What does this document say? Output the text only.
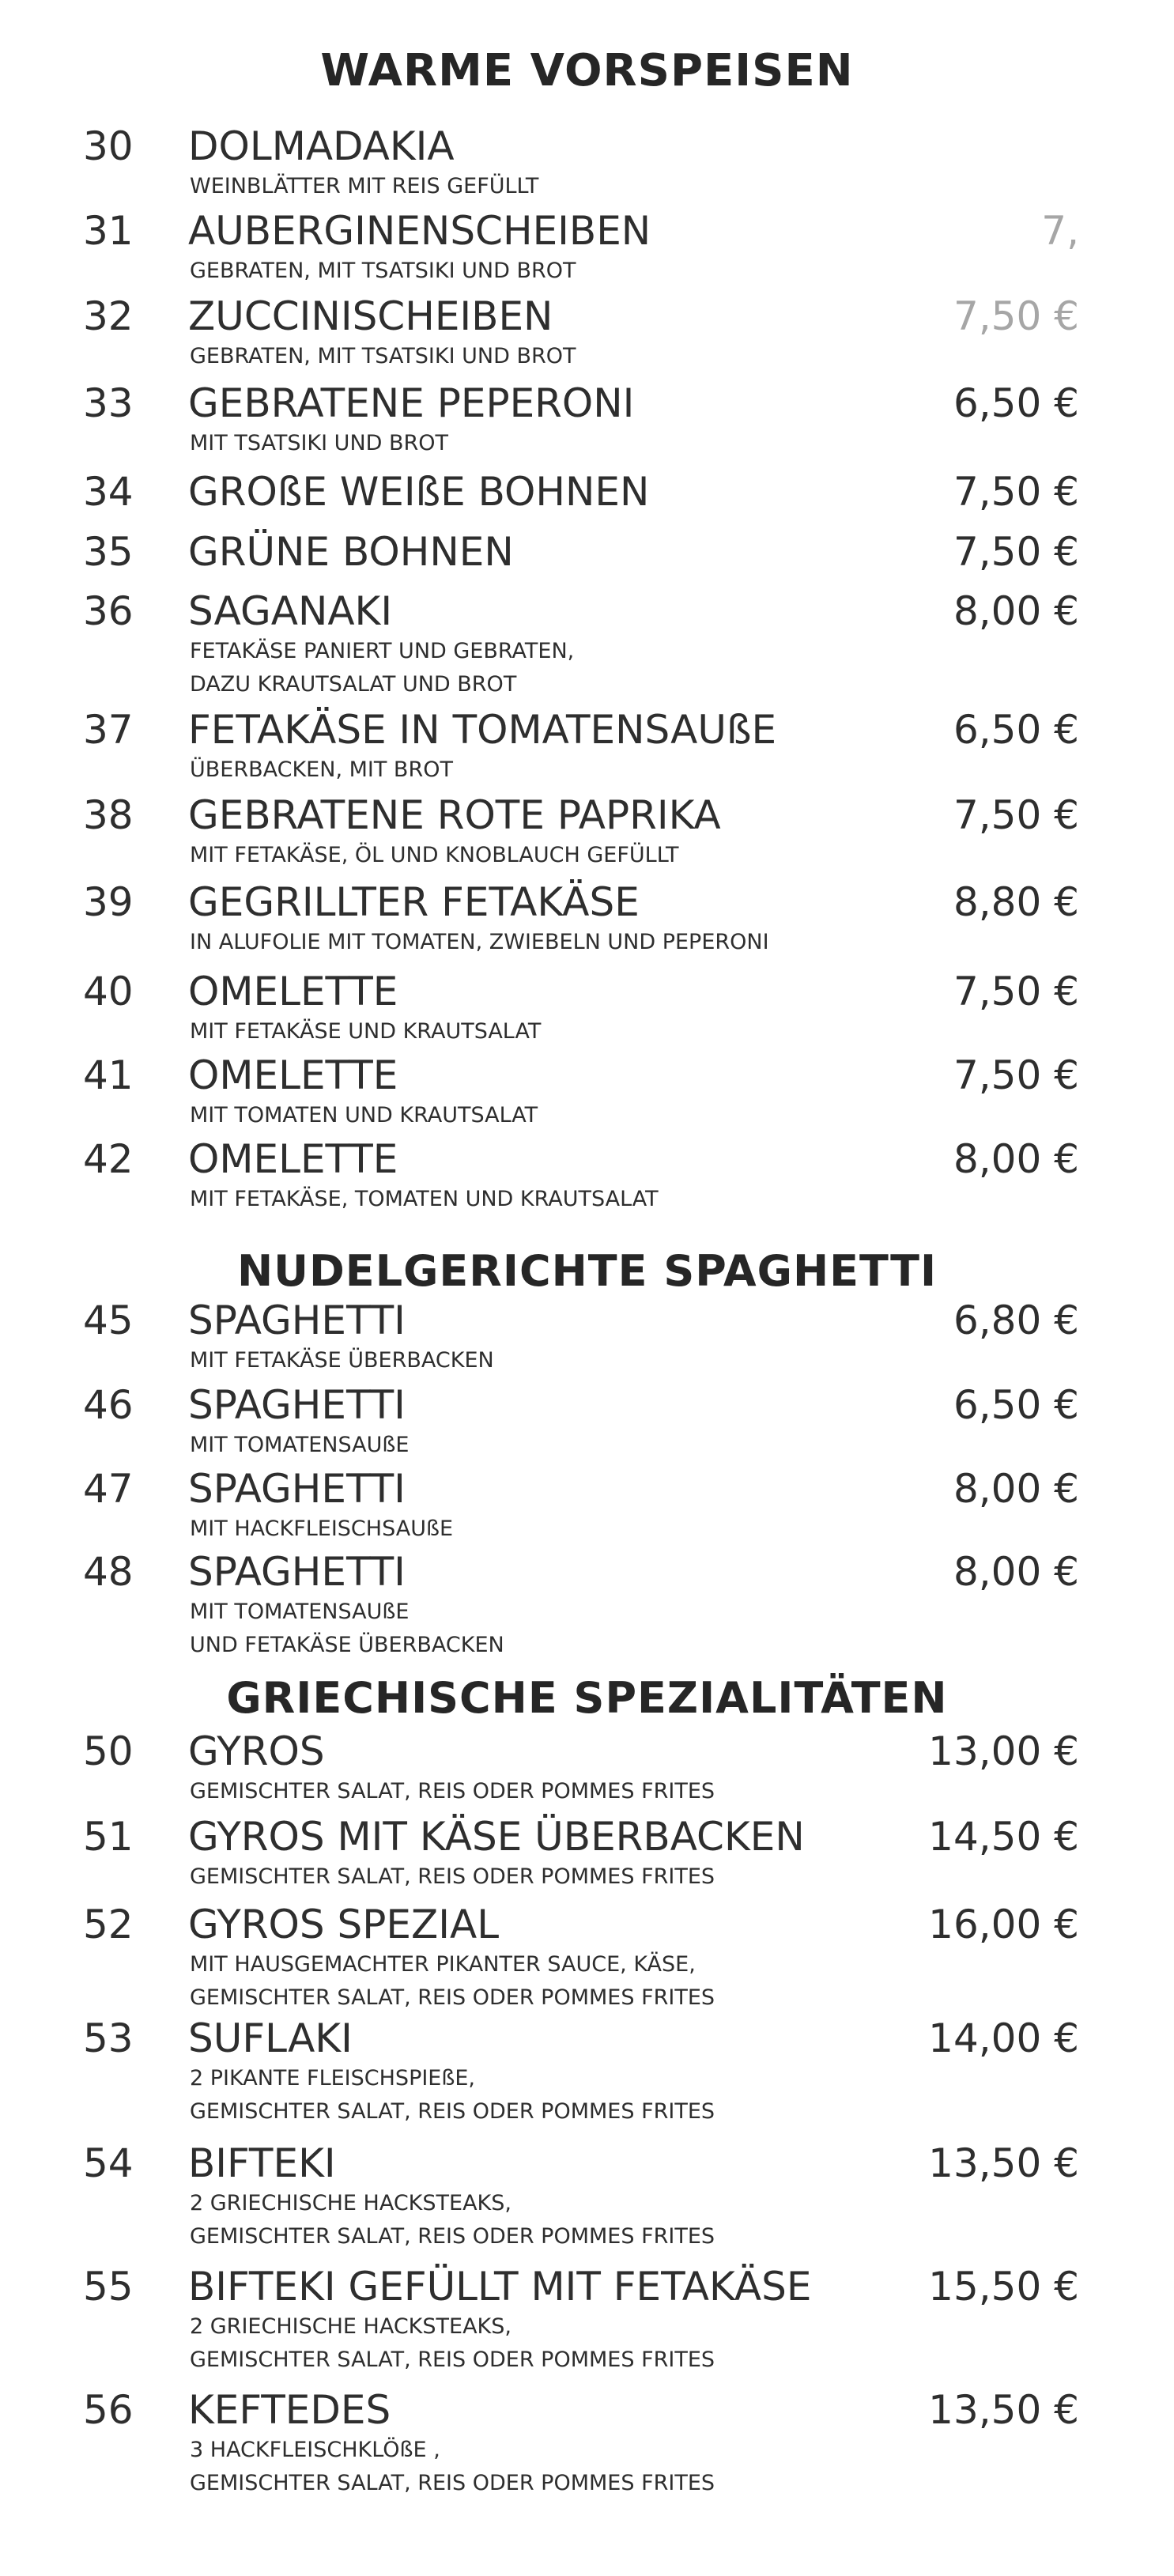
WARME VORSPEISEN
NUDELGERICHTE SPAGHETTI
GRIECHISCHE SPEZIALITÄTEN
30 DOLMADAKIA
WEINBLÄTTER MIT REIS GEFÜLLT
31 AUBERGINENSCHEIBEN
GEBRATEN, MIT TSATSIKI UND BROT
7,
32 ZUCCINISCHEIBEN
GEBRATEN, MIT TSATSIKI UND BROT
7,50 €
33 GEBRATENE PEPERONI
MIT TSATSIKI UND BROT
6,50 €
34 GROßE WEIßE BOHNEN	7,50 €
35 GRÜNE BOHNEN	7,50 €
36 SAGANAKI
FETAKÄSE PANIERT UND GEBRATEN,
DAZU KRAUTSALAT UND BROT
8,00 €
37 FETAKÄSE IN TOMATENSAUßE
ÜBERBACKEN, MIT BROT
6,50 €
38 GEBRATENE ROTE PAPRIKA
MIT FETAKÄSE, ÖL UND KNOBLAUCH GEFÜLLT
7,50 €
39 GEGRILLTER FETAKÄSE
IN ALUFOLIE MIT TOMATEN, ZWIEBELN UND PEPERONI
8,80 €
40 OMELETTE
MIT FETAKÄSE UND KRAUTSALAT
7,50 €
41 OMELETTE
MIT TOMATEN UND KRAUTSALAT
7,50 €
42 OMELETTE
MIT FETAKÄSE, TOMATEN UND KRAUTSALAT
8,00 €
45 SPAGHETTI
MIT FETAKÄSE ÜBERBACKEN
6,80 €
46 SPAGHETTI
MIT TOMATENSAUßE
6,50 €
47 SPAGHETTI
MIT HACKFLEISCHSAUßE
8,00 €
48 SPAGHETTI
MIT TOMATENSAUßE
UND FETAKÄSE ÜBERBACKEN
8,00 €
50 GYROS
GEMISCHTER SALAT, REIS ODER POMMES FRITES
13,00 €
51 GYROS MIT KÄSE ÜBERBACKEN
GEMISCHTER SALAT, REIS ODER POMMES FRITES
14,50 €
52 GYROS SPEZIAL
MIT HAUSGEMACHTER PIKANTER SAUCE, KÄSE,
GEMISCHTER SALAT, REIS ODER POMMES FRITES
16,00 €
53 SUFLAKI
2 PIKANTE FLEISCHSPIEßE,
GEMISCHTER SALAT, REIS ODER POMMES FRITES
14,00 €
54 BIFTEKI
2 GRIECHISCHE HACKSTEAKS,
GEMISCHTER SALAT, REIS ODER POMMES FRITES
13,50 €
55 BIFTEKI GEFÜLLT MIT FETAKÄSE
2 GRIECHISCHE HACKSTEAKS,
GEMISCHTER SALAT, REIS ODER POMMES FRITES
15,50 €
56 KEFTEDES
3 HACKFLEISCHKLÖßE ,
GEMISCHTER SALAT, REIS ODER POMMES FRITES
13,50 €
